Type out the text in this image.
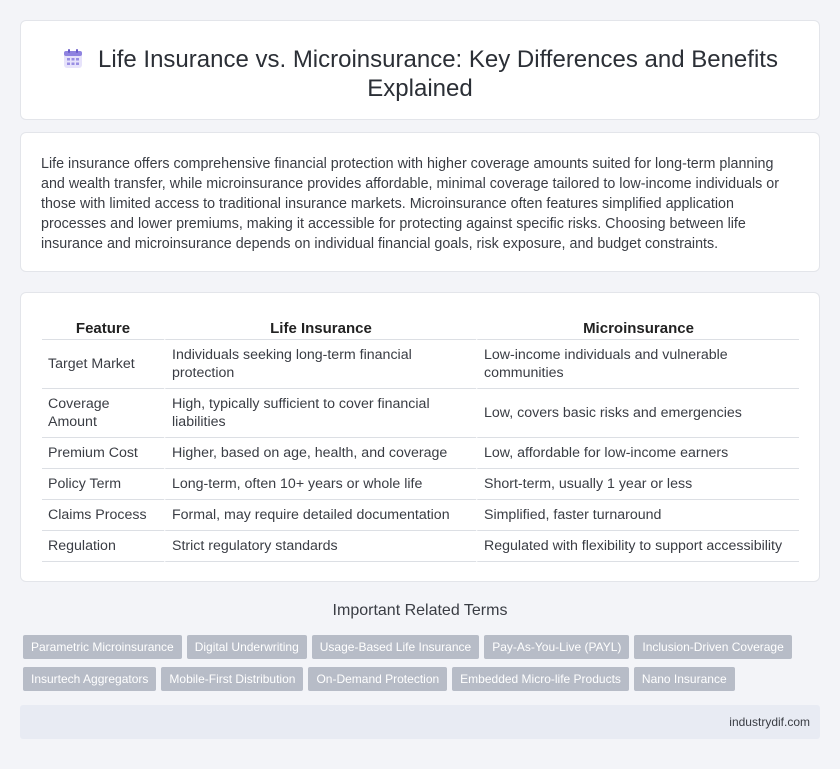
Life Insurance vs. Microinsurance: Key Differences and Benefits Explained

Life insurance offers comprehensive financial protection with higher coverage amounts suited for long-term planning and wealth transfer, while microinsurance provides affordable, minimal coverage tailored to low-income individuals or those with limited access to traditional insurance markets. Microinsurance often features simplified application processes and lower premiums, making it accessible for protecting against specific risks. Choosing between life insurance and microinsurance depends on individual financial goals, risk exposure, and budget constraints.

Feature	Life Insurance	Microinsurance
Target Market	Individuals seeking long-term financial protection	Low-income individuals and vulnerable communities
Coverage Amount	High, typically sufficient to cover financial liabilities	Low, covers basic risks and emergencies
Premium Cost	Higher, based on age, health, and coverage	Low, affordable for low-income earners
Policy Term	Long-term, often 10+ years or whole life	Short-term, usually 1 year or less
Claims Process	Formal, may require detailed documentation	Simplified, faster turnaround
Regulation	Strict regulatory standards	Regulated with flexibility to support accessibility
Important Related Terms
Parametric Microinsurance Digital Underwriting Usage-Based Life Insurance Pay-As-You-Live (PAYL) Inclusion-Driven Coverage
Insurtech Aggregators Mobile-First Distribution On-Demand Protection Embedded Micro-life Products Nano Insurance
industrydif.com
